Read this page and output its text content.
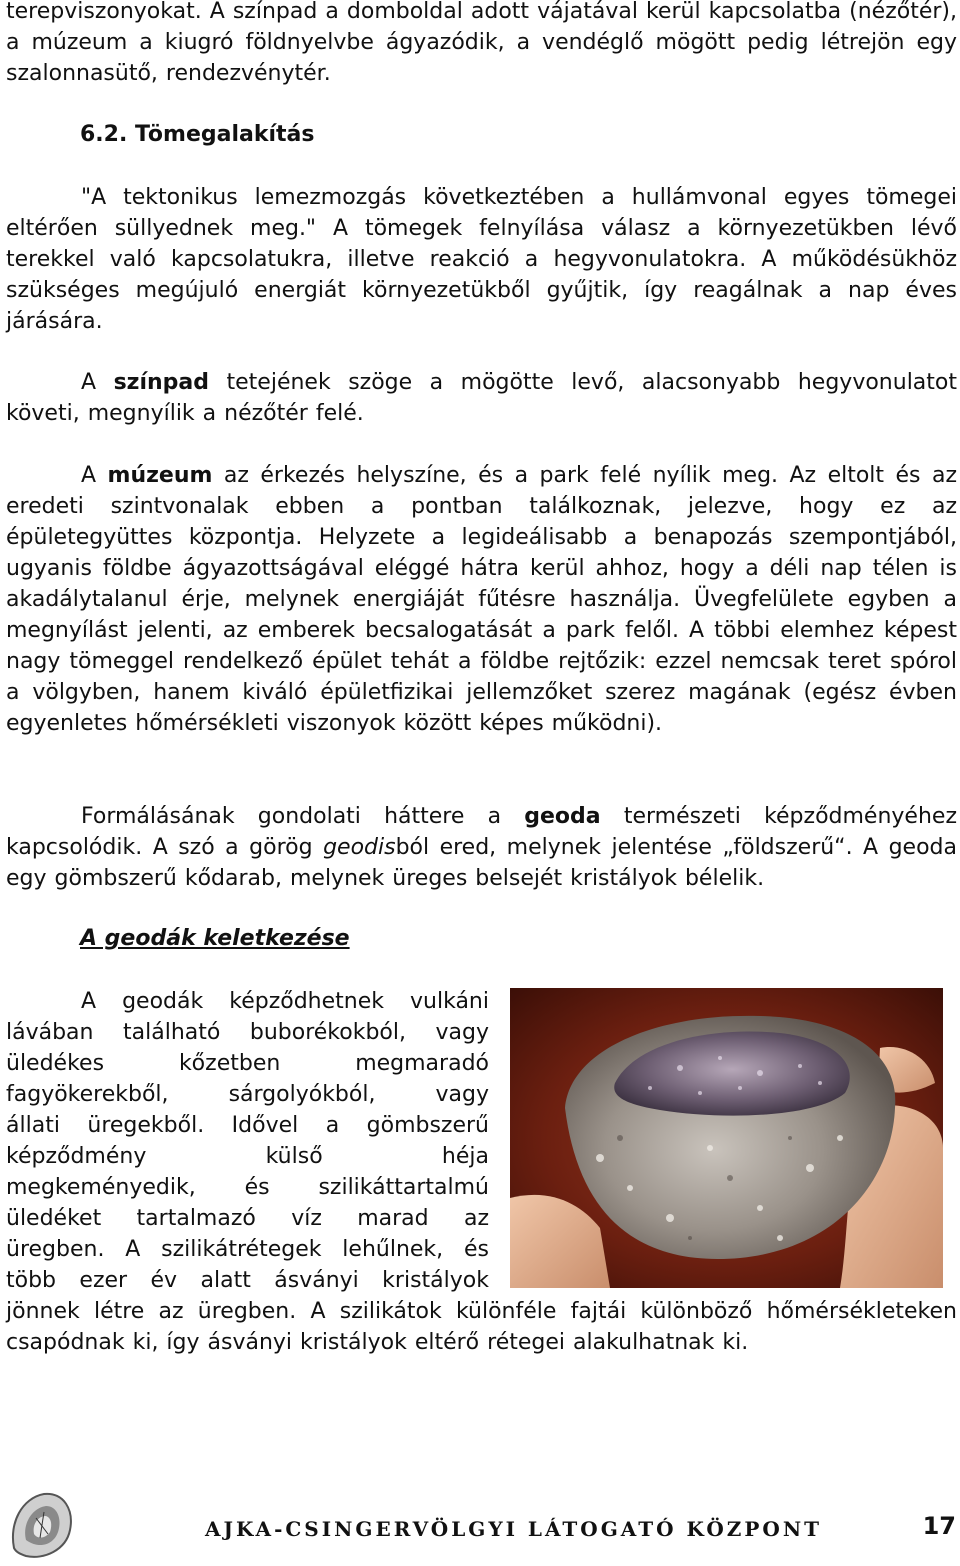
terepviszonyokat. A színpad a domboldal adott vájatával kerül kapcsolatba (nézőtér), a múzeum a kiugró földnyelvbe ágyazódik, a vendéglő mögött pedig létrejön egy szalonnasütő, rendezvénytér.

6.2. Tömegalakítás

"A tektonikus lemezmozgás következtében a hullámvonal egyes tömegei eltérően süllyednek meg." A tömegek felnyílása válasz a környezetükben lévő terekkel való kapcsolatukra, illetve reakció a hegyvonulatokra. A működésükhöz szükséges megújuló energiát környezetükből gyűjtik, így reagálnak a nap éves járására.

A színpad tetejének szöge a mögötte levő, alacsonyabb hegyvonulatot követi, megnyílik a nézőtér felé.

A múzeum az érkezés helyszíne, és a park felé nyílik meg. Az eltolt és az eredeti szintvonalak ebben a pontban találkoznak, jelezve, hogy ez az épületegyüttes központja. Helyzete a legideálisabb a benapozás szempontjából, ugyanis földbe ágyazottságával eléggé hátra kerül ahhoz, hogy a déli nap télen is akadálytalanul érje, melynek energiáját fűtésre használja. Üvegfelülete egyben a megnyílást jelenti, az emberek becsalogatását a park felől. A többi elemhez képest nagy tömeggel rendelkező épület tehát a földbe rejtőzik: ezzel nemcsak teret spórol a völgyben, hanem kiváló épületfizikai jellemzőket szerez magának (egész évben egyenletes hőmérsékleti viszonyok között képes működni).

Formálásának gondolati háttere a geoda természeti képződményéhez kapcsolódik. A szó a görög geodisból ered, melynek jelentése „földszerű“. A geoda egy gömbszerű kődarab, melynek üreges belsejét kristályok bélelik.

A geodák keletkezése

A geodák képződhetnek vulkáni

lávában található buborékokból, vagy

üledékes kőzetben megmaradó

fagyökerekből, sárgolyókból, vagy

állati üregekből. Idővel a gömbszerű

képződmény külső héja

megkeményedik, és szilikáttartalmú

üledéket tartalmazó víz marad az

üregben. A szilikátrétegek lehűlnek, és

több ezer év alatt ásványi kristályok

jönnek létre az üregben. A szilikátok különféle fajtái különböző hőmérsékleteken csapódnak ki, így ásványi kristályok eltérő rétegei alakulhatnak ki.

AJKA-CSINGERVÖLGYI LÁTOGATÓ KÖZPONT	17
